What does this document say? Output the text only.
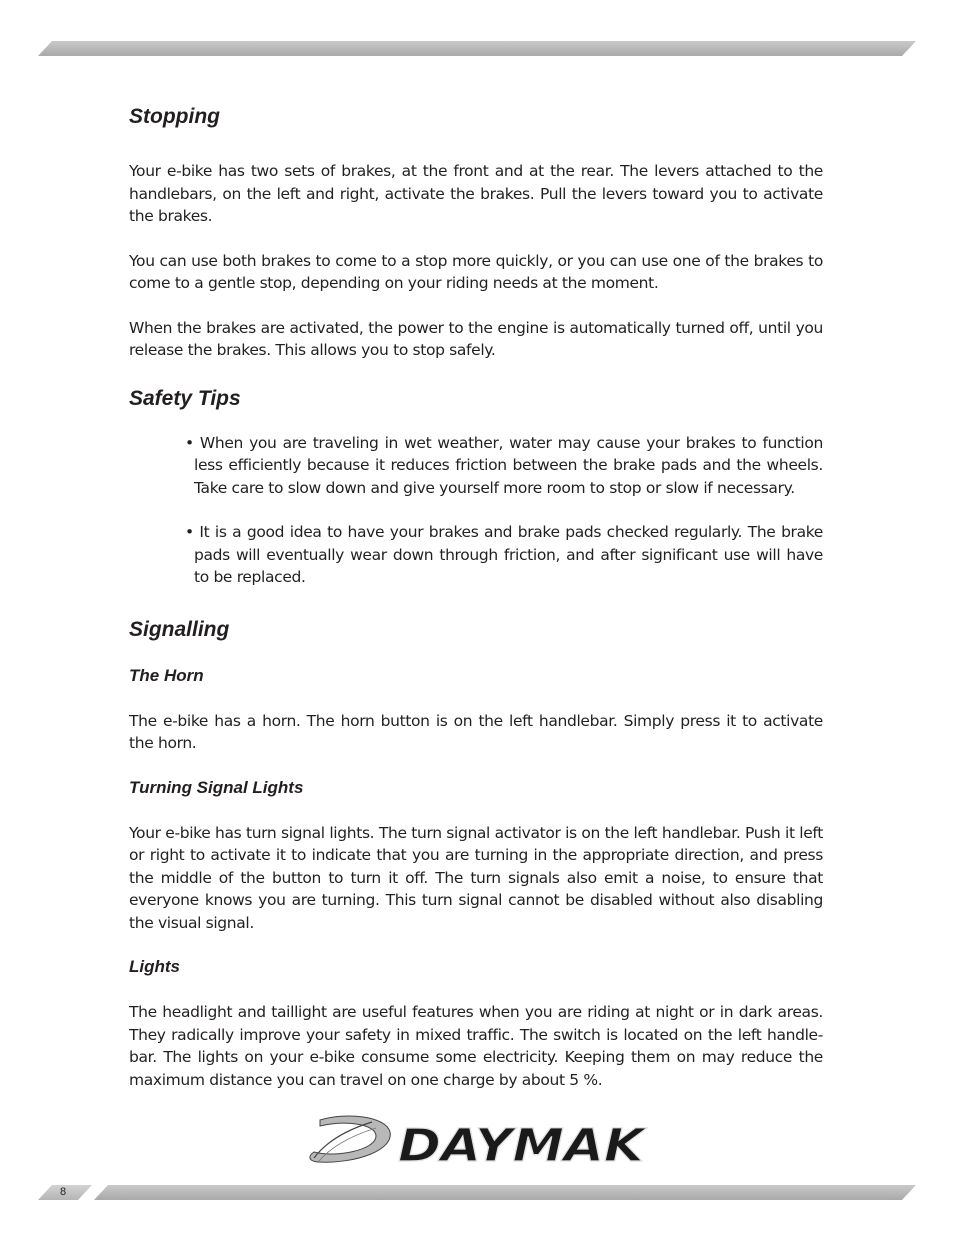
Stopping

Your e-bike has two sets of brakes, at the front and at the rear. The levers attached to the handlebars, on the left and right, activate the brakes. Pull the levers toward you to activate the brakes.

You can use both brakes to come to a stop more quickly, or you can use one of the brakes to come to a gentle stop, depending on your riding needs at the moment.

When the brakes are activated, the power to the engine is automatically turned off, until you release the brakes. This allows you to stop safely.

Safety Tips

• When you are traveling in wet weather, water may cause your brakes to function less efficiently because it reduces friction between the brake pads and the wheels. Take care to slow down and give yourself more room to stop or slow if necessary.

• It is a good idea to have your brakes and brake pads checked regularly. The brake pads will eventually wear down through friction, and after significant use will have to be replaced.

Signalling
The Horn

The e-bike has a horn. The horn button is on the left handlebar. Simply press it to activate the horn.

Turning Signal Lights

Your e-bike has turn signal lights. The turn signal activator is on the left handlebar. Push it left or right to activate it to indicate that you are turning in the appropriate direction, and press the middle of the button to turn it off. The turn signals also emit a noise, to ensure that everyone knows you are turning. This turn signal cannot be disabled without also disabling the visual signal.

Lights

The headlight and taillight are useful features when you are riding at night or in dark areas. They radically improve your safety in mixed traffic. The switch is located on the left handle-bar. The lights on your e-bike consume some electricity. Keeping them on may reduce the maximum distance you can travel on one charge by about 5 %.

DAYMAK
8
